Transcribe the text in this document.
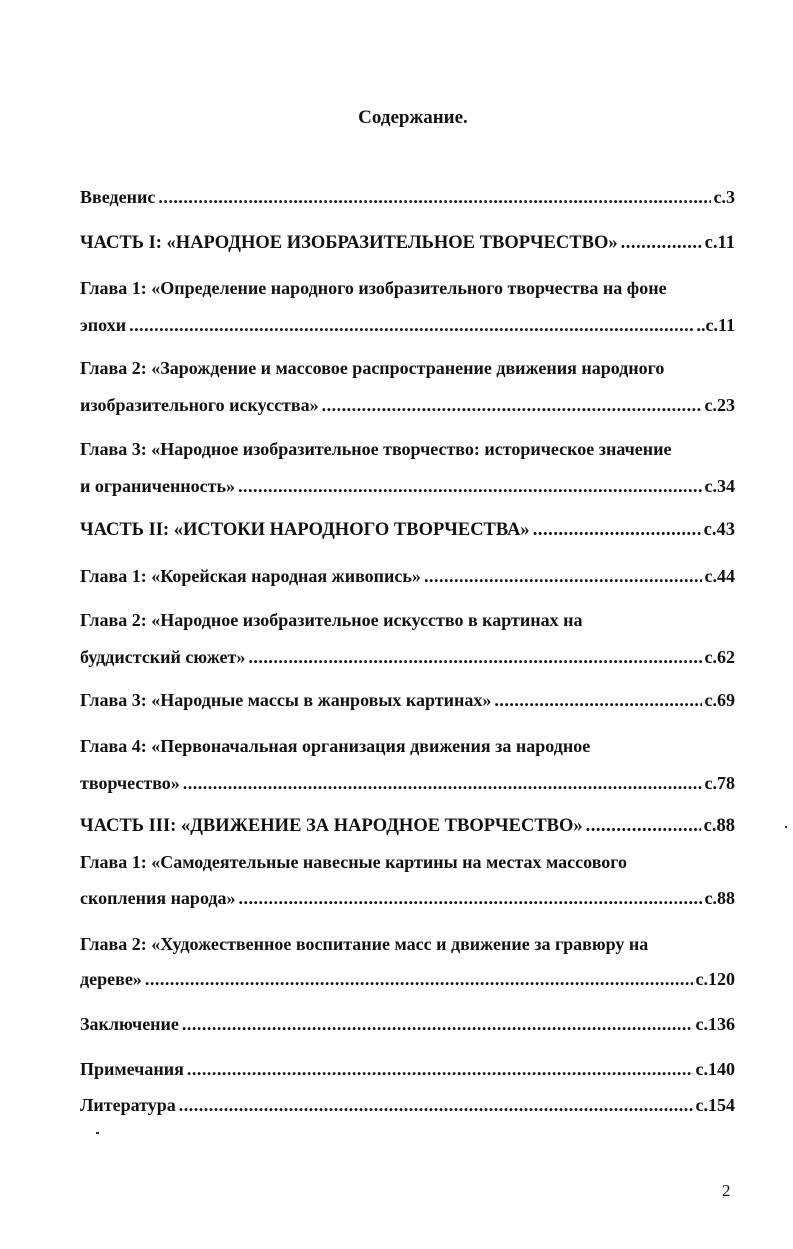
Содержание.
Введенис .....	с.3
ЧАСТЬ I: «НАРОДНОЕ ИЗОБРАЗИТЕЛЬНОЕ ТВОРЧЕСТВО» .....	с.11
Глава 1: «Определение народного изобразительного творчества на фоне
эпохи .....	..с.11
Глава 2: «Зарождение и массовое распространение движения народного
изобразительного искусства» .....	с.23
Глава 3: «Народное изобразительное творчество: историческое значение
и ограниченность» .....	с.34
ЧАСТЬ II: «ИСТОКИ НАРОДНОГО ТВОРЧЕСТВА» .....	с.43
Глава 1: «Корейская народная живопись» .....	с.44
Глава 2: «Народное изобразительное искусство в картинах на
буддистский сюжет» .....	с.62
Глава 3: «Народные массы в жанровых картинах» .....	с.69
Глава 4: «Первоначальная организация движения за народное
творчество» .....	с.78
ЧАСТЬ III: «ДВИЖЕНИЕ ЗА НАРОДНОЕ ТВОРЧЕСТВО» .....	с.88
Глава 1: «Самодеятельные навесные картины на местах массового
скопления народа» .....	с.88
Глава 2: «Художественное воспитание масс и движение за гравюру на
дереве» .....	с.120
Заключение .....	с.136
Примечания .....	с.140
Литература .....	с.154

2
